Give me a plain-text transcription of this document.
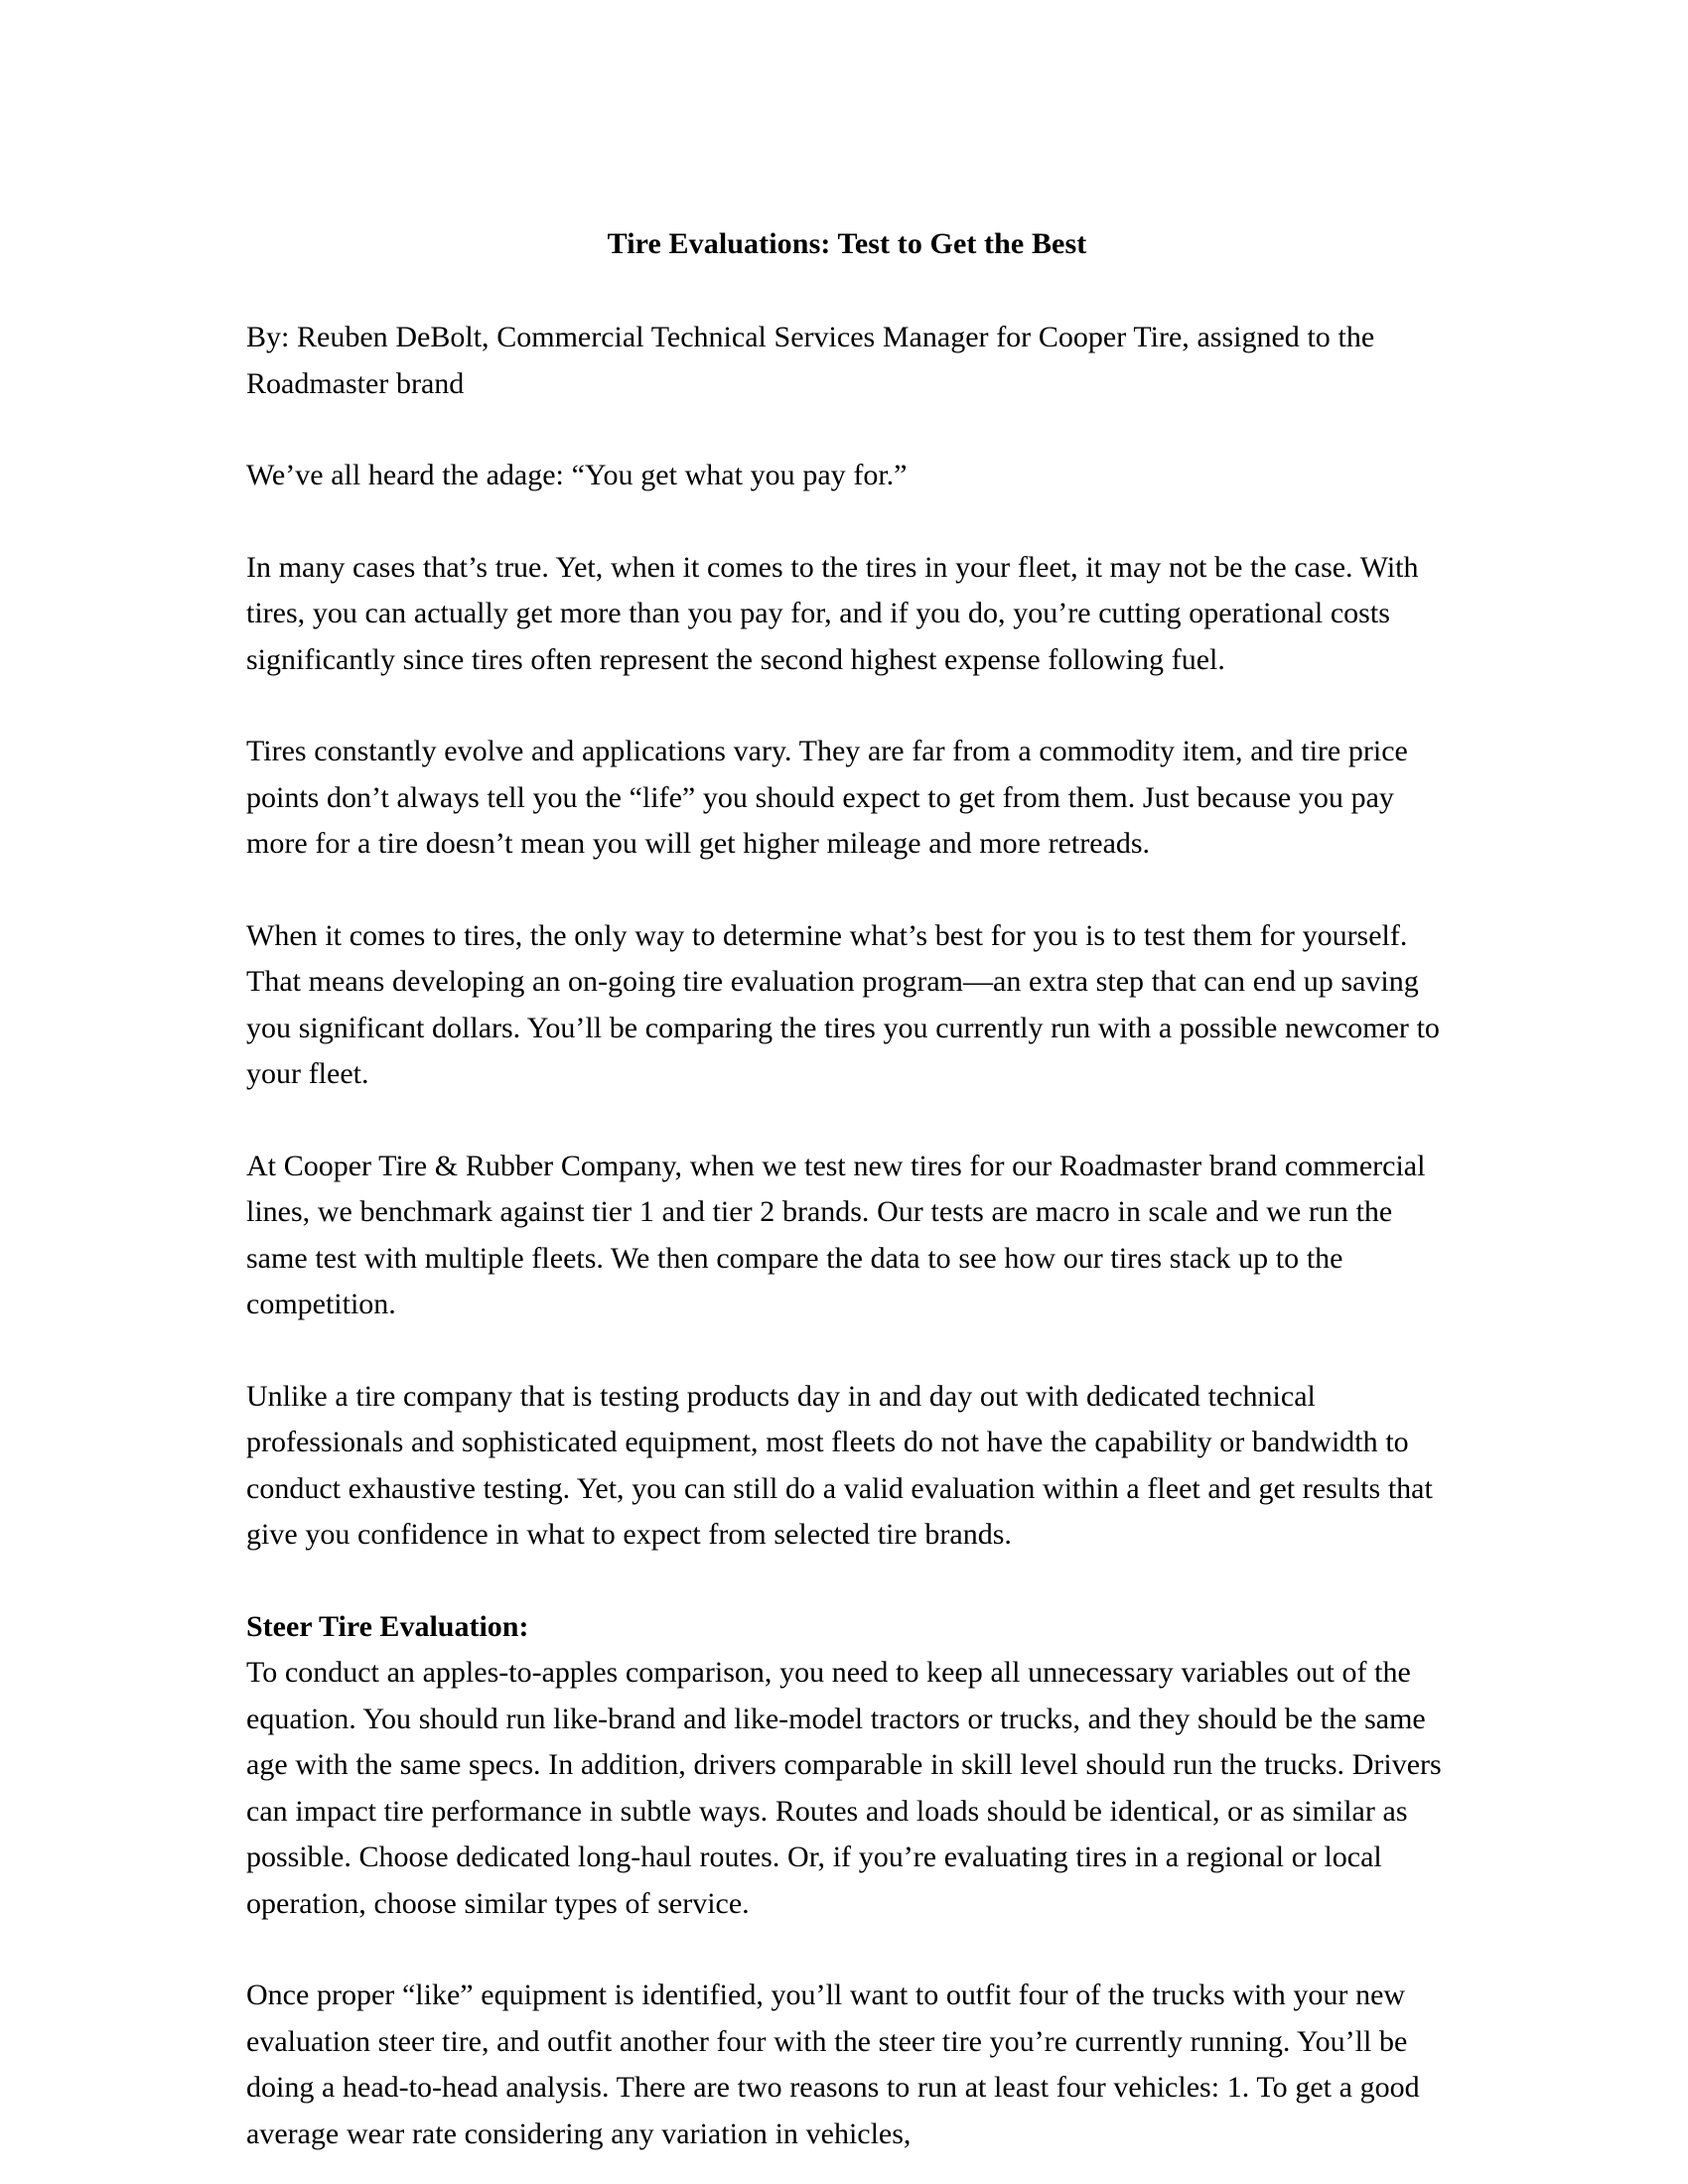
Tire Evaluations: Test to Get the Best

By: Reuben DeBolt, Commercial Technical Services Manager for Cooper Tire, assigned to the Roadmaster brand

We’ve all heard the adage: “You get what you pay for.”

In many cases that’s true. Yet, when it comes to the tires in your fleet, it may not be the case. With tires, you can actually get more than you pay for, and if you do, you’re cutting operational costs significantly since tires often represent the second highest expense following fuel.

Tires constantly evolve and applications vary. They are far from a commodity item, and tire price points don’t always tell you the “life” you should expect to get from them. Just because you pay more for a tire doesn’t mean you will get higher mileage and more retreads.

When it comes to tires, the only way to determine what’s best for you is to test them for yourself. That means developing an on-going tire evaluation program—an extra step that can end up saving you significant dollars. You’ll be comparing the tires you currently run with a possible newcomer to your fleet.

At Cooper Tire & Rubber Company, when we test new tires for our Roadmaster brand commercial lines, we benchmark against tier 1 and tier 2 brands. Our tests are macro in scale and we run the same test with multiple fleets. We then compare the data to see how our tires stack up to the competition.

Unlike a tire company that is testing products day in and day out with dedicated technical professionals and sophisticated equipment, most fleets do not have the capability or bandwidth to conduct exhaustive testing. Yet, you can still do a valid evaluation within a fleet and get results that give you confidence in what to expect from selected tire brands.

Steer Tire Evaluation:

To conduct an apples-to-apples comparison, you need to keep all unnecessary variables out of the equation. You should run like-brand and like-model tractors or trucks, and they should be the same age with the same specs. In addition, drivers comparable in skill level should run the trucks. Drivers can impact tire performance in subtle ways. Routes and loads should be identical, or as similar as possible. Choose dedicated long-haul routes. Or, if you’re evaluating tires in a regional or local operation, choose similar types of service.

Once proper “like” equipment is identified, you’ll want to outfit four of the trucks with your new evaluation steer tire, and outfit another four with the steer tire you’re currently running. You’ll be doing a head-to-head analysis. There are two reasons to run at least four vehicles: 1. To get a good average wear rate considering any variation in vehicles,
